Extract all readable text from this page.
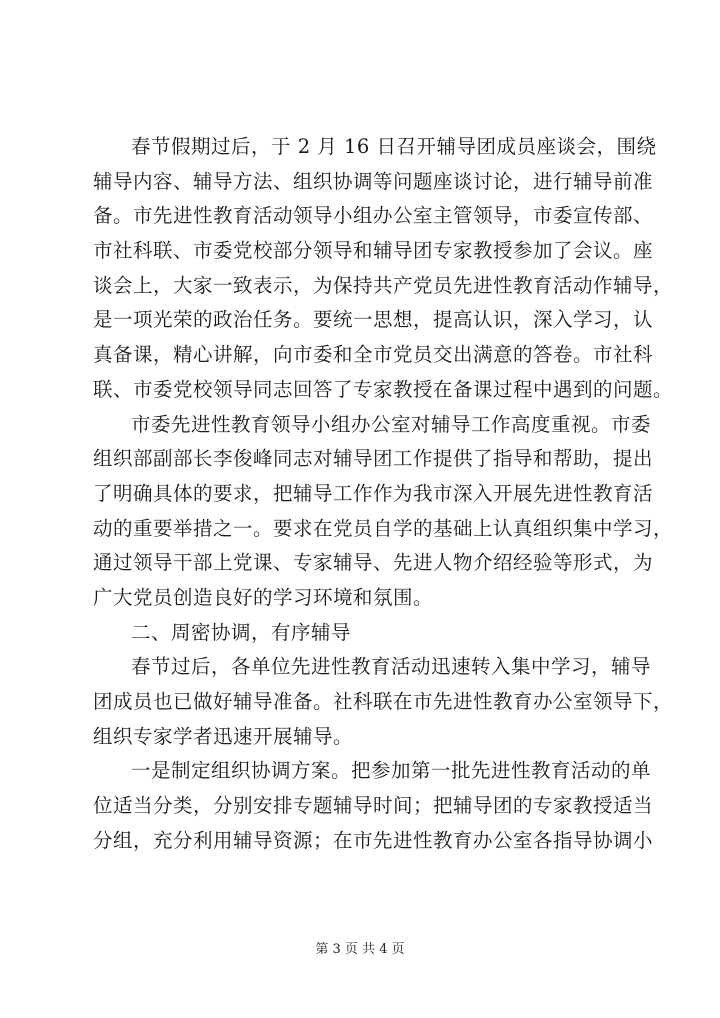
春节假期过后，于 2 月 16 日召开辅导团成员座谈会，围绕
辅导内容、辅导方法、组织协调等问题座谈讨论，进行辅导前准
备。市先进性教育活动领导小组办公室主管领导，市委宣传部、
市社科联、市委党校部分领导和辅导团专家教授参加了会议。座
谈会上，大家一致表示，为保持共产党员先进性教育活动作辅导，
是一项光荣的政治任务。要统一思想，提高认识，深入学习，认
真备课，精心讲解，向市委和全市党员交出满意的答卷。市社科
联、市委党校领导同志回答了专家教授在备课过程中遇到的问题。
市委先进性教育领导小组办公室对辅导工作高度重视。市委
组织部副部长李俊峰同志对辅导团工作提供了指导和帮助，提出
了明确具体的要求，把辅导工作作为我市深入开展先进性教育活
动的重要举措之一。要求在党员自学的基础上认真组织集中学习，
通过领导干部上党课、专家辅导、先进人物介绍经验等形式，为
广大党员创造良好的学习环境和氛围。
二、周密协调，有序辅导
春节过后，各单位先进性教育活动迅速转入集中学习，辅导
团成员也已做好辅导准备。社科联在市先进性教育办公室领导下，
组织专家学者迅速开展辅导。
一是制定组织协调方案。把参加第一批先进性教育活动的单
位适当分类，分别安排专题辅导时间；把辅导团的专家教授适当
分组，充分利用辅导资源；在市先进性教育办公室各指导协调小
第 3 页 共 4 页
